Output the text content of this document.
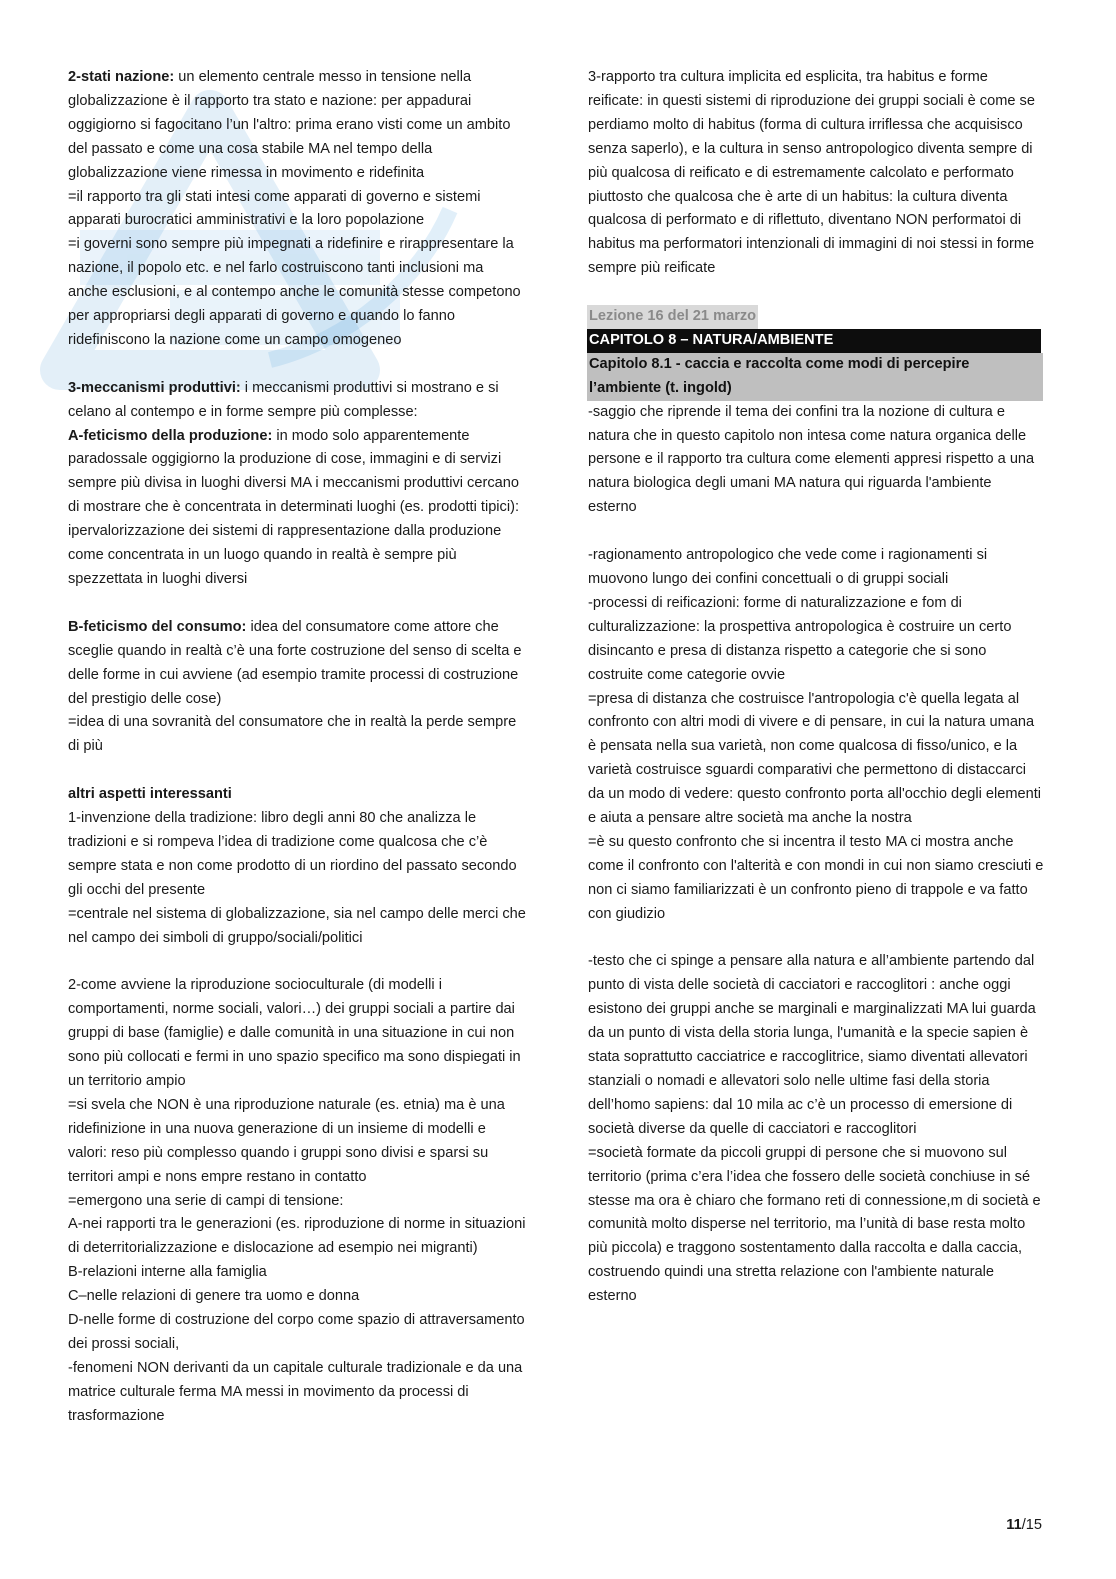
2-stati nazione: un elemento centrale messo in tensione nella globalizzazione è il rapporto tra stato e nazione: per appadurai oggigiorno si fagocitano l’un l'altro: prima erano visti come un ambito del passato e come una cosa stabile MA nel tempo della globalizzazione viene rimessa in movimento e ridefinita

=il rapporto tra gli stati intesi come apparati di governo e sistemi apparati burocratici amministrativi e la loro popolazione

=i governi sono sempre più impegnati a ridefinire e rirappresentare la nazione, il popolo etc. e nel farlo costruiscono tanti inclusioni ma anche esclusioni, e al contempo anche le comunità stesse competono per appropriarsi degli apparati di governo e quando lo fanno ridefiniscono la nazione come un campo omogeneo

3-meccanismi produttivi: i meccanismi produttivi si mostrano e si celano al contempo e in forme sempre più complesse:

A-feticismo della produzione: in modo solo apparentemente paradossale oggigiorno la produzione di cose, immagini e di servizi sempre più divisa in luoghi diversi MA i meccanismi produttivi cercano di mostrare che è concentrata in determinati luoghi (es. prodotti tipici): ipervalorizzazione dei sistemi di rappresentazione dalla produzione come concentrata in un luogo quando in realtà è sempre più spezzettata in luoghi diversi

B-feticismo del consumo: idea del consumatore come attore che sceglie quando in realtà c’è una forte costruzione del senso di scelta e delle forme in cui avviene (ad esempio tramite processi di costruzione del prestigio delle cose)

=idea di una sovranità del consumatore che in realtà la perde sempre di più

altri aspetti interessanti

1-invenzione della tradizione: libro degli anni 80 che analizza le tradizioni e si rompeva l’idea di tradizione come qualcosa che c’è sempre stata e non come prodotto di un riordino del passato secondo gli occhi del presente

=centrale nel sistema di globalizzazione, sia nel campo delle merci che nel campo dei simboli di gruppo/sociali/politici

2-come avviene la riproduzione socioculturale (di modelli i comportamenti, norme sociali, valori…) dei gruppi sociali a partire dai gruppi di base (famiglie) e dalle comunità in una situazione in cui non sono più collocati e fermi in uno spazio specifico ma sono dispiegati in un territorio ampio

=si svela che NON è una riproduzione naturale (es. etnia) ma è una ridefinizione in una nuova generazione di un insieme di modelli e valori: reso più complesso quando i gruppi sono divisi e sparsi su territori ampi e nons empre restano in contatto

=emergono una serie di campi di tensione:

A-nei rapporti tra le generazioni (es. riproduzione di norme in situazioni di deterritorializzazione e dislocazione ad esempio nei migranti)

B-relazioni interne alla famiglia

C–nelle relazioni di genere tra uomo e donna

D-nelle forme di costruzione del corpo come spazio di attraversamento dei prossi sociali,

-fenomeni NON derivanti da un capitale culturale tradizionale e da una matrice culturale ferma MA messi in movimento da processi di trasformazione

3-rapporto tra cultura implicita ed esplicita, tra habitus e forme reificate: in questi sistemi di riproduzione dei gruppi sociali è come se perdiamo molto di habitus (forma di cultura irriflessa che acquisisco senza saperlo), e la cultura in senso antropologico diventa sempre di più qualcosa di reificato e di estremamente calcolato e performato piuttosto che qualcosa che è arte di un habitus: la cultura diventa qualcosa di performato e di riflettuto, diventano NON performatoi di habitus ma performatori intenzionali di immagini di noi stessi in forme sempre più reificate

Lezione 16 del 21 marzo

CAPITOLO 8 – NATURA/AMBIENTE
Capitolo 8.1 - caccia e raccolta come modi di percepire l’ambiente (t. ingold)

-saggio che riprende il tema dei confini tra la nozione di cultura e natura che in questo capitolo non intesa come natura organica delle persone e il rapporto tra cultura come elementi appresi rispetto a una natura biologica degli umani MA natura qui riguarda l'ambiente esterno

-ragionamento antropologico che vede come i ragionamenti si muovono lungo dei confini concettuali o di gruppi sociali

-processi di reificazioni: forme di naturalizzazione e fom di culturalizzazione: la prospettiva antropologica è costruire un certo disincanto e presa di distanza rispetto a categorie che si sono costruite come categorie ovvie

=presa di distanza che costruisce l'antropologia c'è quella legata al confronto con altri modi di vivere e di pensare, in cui la natura umana è pensata nella sua varietà, non come qualcosa di fisso/unico, e la varietà costruisce sguardi comparativi che permettono di distaccarci da un modo di vedere: questo confronto porta all'occhio degli elementi e aiuta a pensare altre società ma anche la nostra

=è su questo confronto che si incentra il testo MA ci mostra anche come il confronto con l'alterità e con mondi in cui non siamo cresciuti e non ci siamo familiarizzati è un confronto pieno di trappole e va fatto con giudizio

-testo che ci spinge a pensare alla natura e all’ambiente partendo dal punto di vista delle società di cacciatori e raccoglitori : anche oggi esistono dei gruppi anche se marginali e marginalizzati MA lui guarda da un punto di vista della storia lunga, l'umanità e la specie sapien è stata soprattutto cacciatrice e raccoglitrice, siamo diventati allevatori stanziali o nomadi e allevatori solo nelle ultime fasi della storia dell’homo sapiens: dal 10 mila ac c’è un processo di emersione di società diverse da quelle di cacciatori e raccoglitori

=società formate da piccoli gruppi di persone che si muovono sul territorio (prima c’era l’idea che fossero delle società conchiuse in sé stesse ma ora è chiaro che formano reti di connessione,m di società e comunità molto disperse nel territorio, ma l’unità di base resta molto più piccola) e traggono sostentamento dalla raccolta e dalla caccia, costruendo quindi una stretta relazione con l'ambiente naturale esterno

11/15
